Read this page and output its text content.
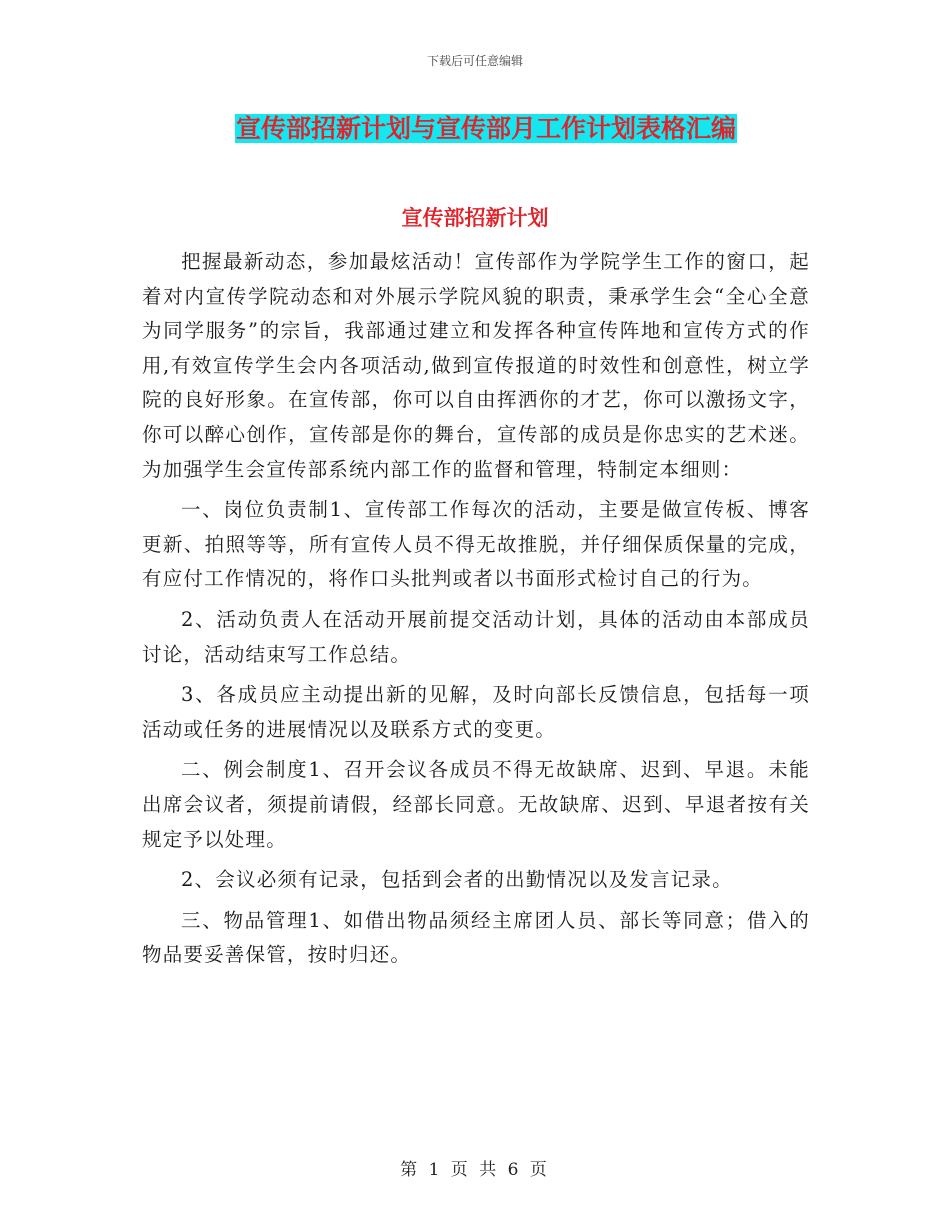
下载后可任意编辑
宣传部招新计划与宣传部月工作计划表格汇编
宣传部招新计划

把握最新动态，参加最炫活动！宣传部作为学院学生工作的窗口，起着对内宣传学院动态和对外展示学院风貌的职责，秉承学生会“全心全意为同学服务”的宗旨，我部通过建立和发挥各种宣传阵地和宣传方式的作用,有效宣传学生会内各项活动,做到宣传报道的时效性和创意性，树立学院的良好形象。在宣传部，你可以自由挥洒你的才艺，你可以激扬文字，你可以醉心创作，宣传部是你的舞台，宣传部的成员是你忠实的艺术迷。为加强学生会宣传部系统内部工作的监督和管理，特制定本细则：

一、岗位负责制1、宣传部工作每次的活动，主要是做宣传板、博客更新、拍照等等，所有宣传人员不得无故推脱，并仔细保质保量的完成，有应付工作情况的，将作口头批判或者以书面形式检讨自己的行为。

2、活动负责人在活动开展前提交活动计划，具体的活动由本部成员讨论，活动结束写工作总结。

3、各成员应主动提出新的见解，及时向部长反馈信息，包括每一项活动或任务的进展情况以及联系方式的变更。

二、例会制度1、召开会议各成员不得无故缺席、迟到、早退。未能出席会议者，须提前请假，经部长同意。无故缺席、迟到、早退者按有关规定予以处理。

2、会议必须有记录，包括到会者的出勤情况以及发言记录。

三、物品管理1、如借出物品须经主席团人员、部长等同意；借入的物品要妥善保管，按时归还。

第 1 页 共 6 页
